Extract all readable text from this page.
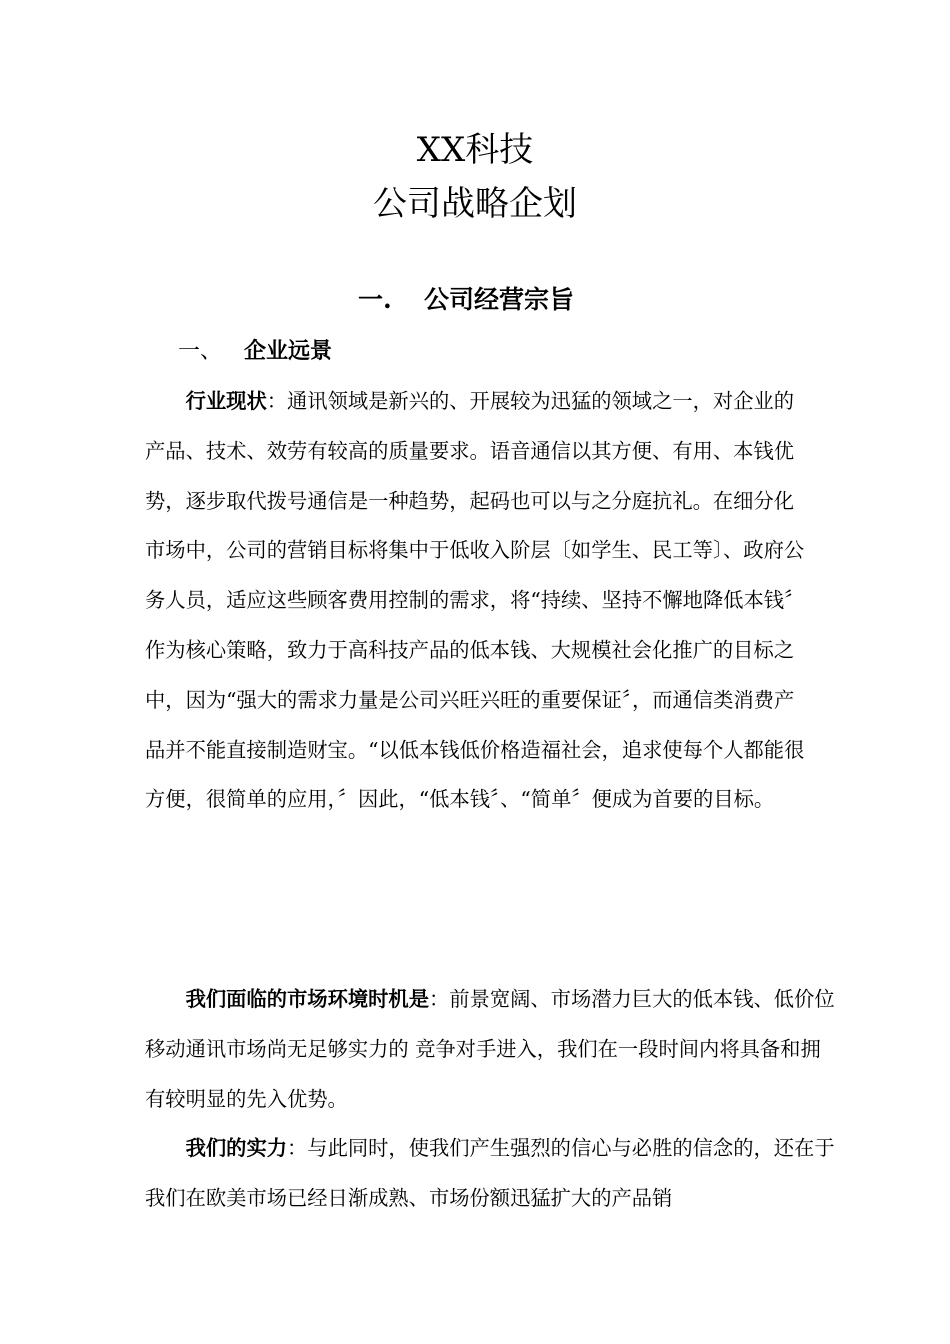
XX科技
公司战略企划
一. 公司经营宗旨
一、 企业远景

行业现状：通讯领域是新兴的、开展较为迅猛的领域之一，对企业的产品、技术、效劳有较高的质量要求。语音通信以其方便、有用、本钱优势，逐步取代拨号通信是一种趋势，起码也可以与之分庭抗礼。在细分化市场中，公司的营销目标将集中于低收入阶层〔如学生、民工等〕、政府公务人员，适应这些顾客费用控制的需求，将“持续、坚持不懈地降低本钱〞作为核心策略，致力于高科技产品的低本钱、大规模社会化推广的目标之中，因为“强大的需求力量是公司兴旺兴旺的重要保证〞，而通信类消费产品并不能直接制造财宝。“以低本钱低价格造福社会，追求使每个人都能很方便，很简单的应用，〞因此，“低本钱〞、“简单〞便成为首要的目标。

我们面临的市场环境时机是：前景宽阔、市场潜力巨大的低本钱、低价位移动通讯市场尚无足够实力的 竞争对手进入，我们在一段时间内将具备和拥有较明显的先入优势。

我们的实力：与此同时，使我们产生强烈的信心与必胜的信念的，还在于我们在欧美市场已经日渐成熟、市场份额迅猛扩大的产品销
